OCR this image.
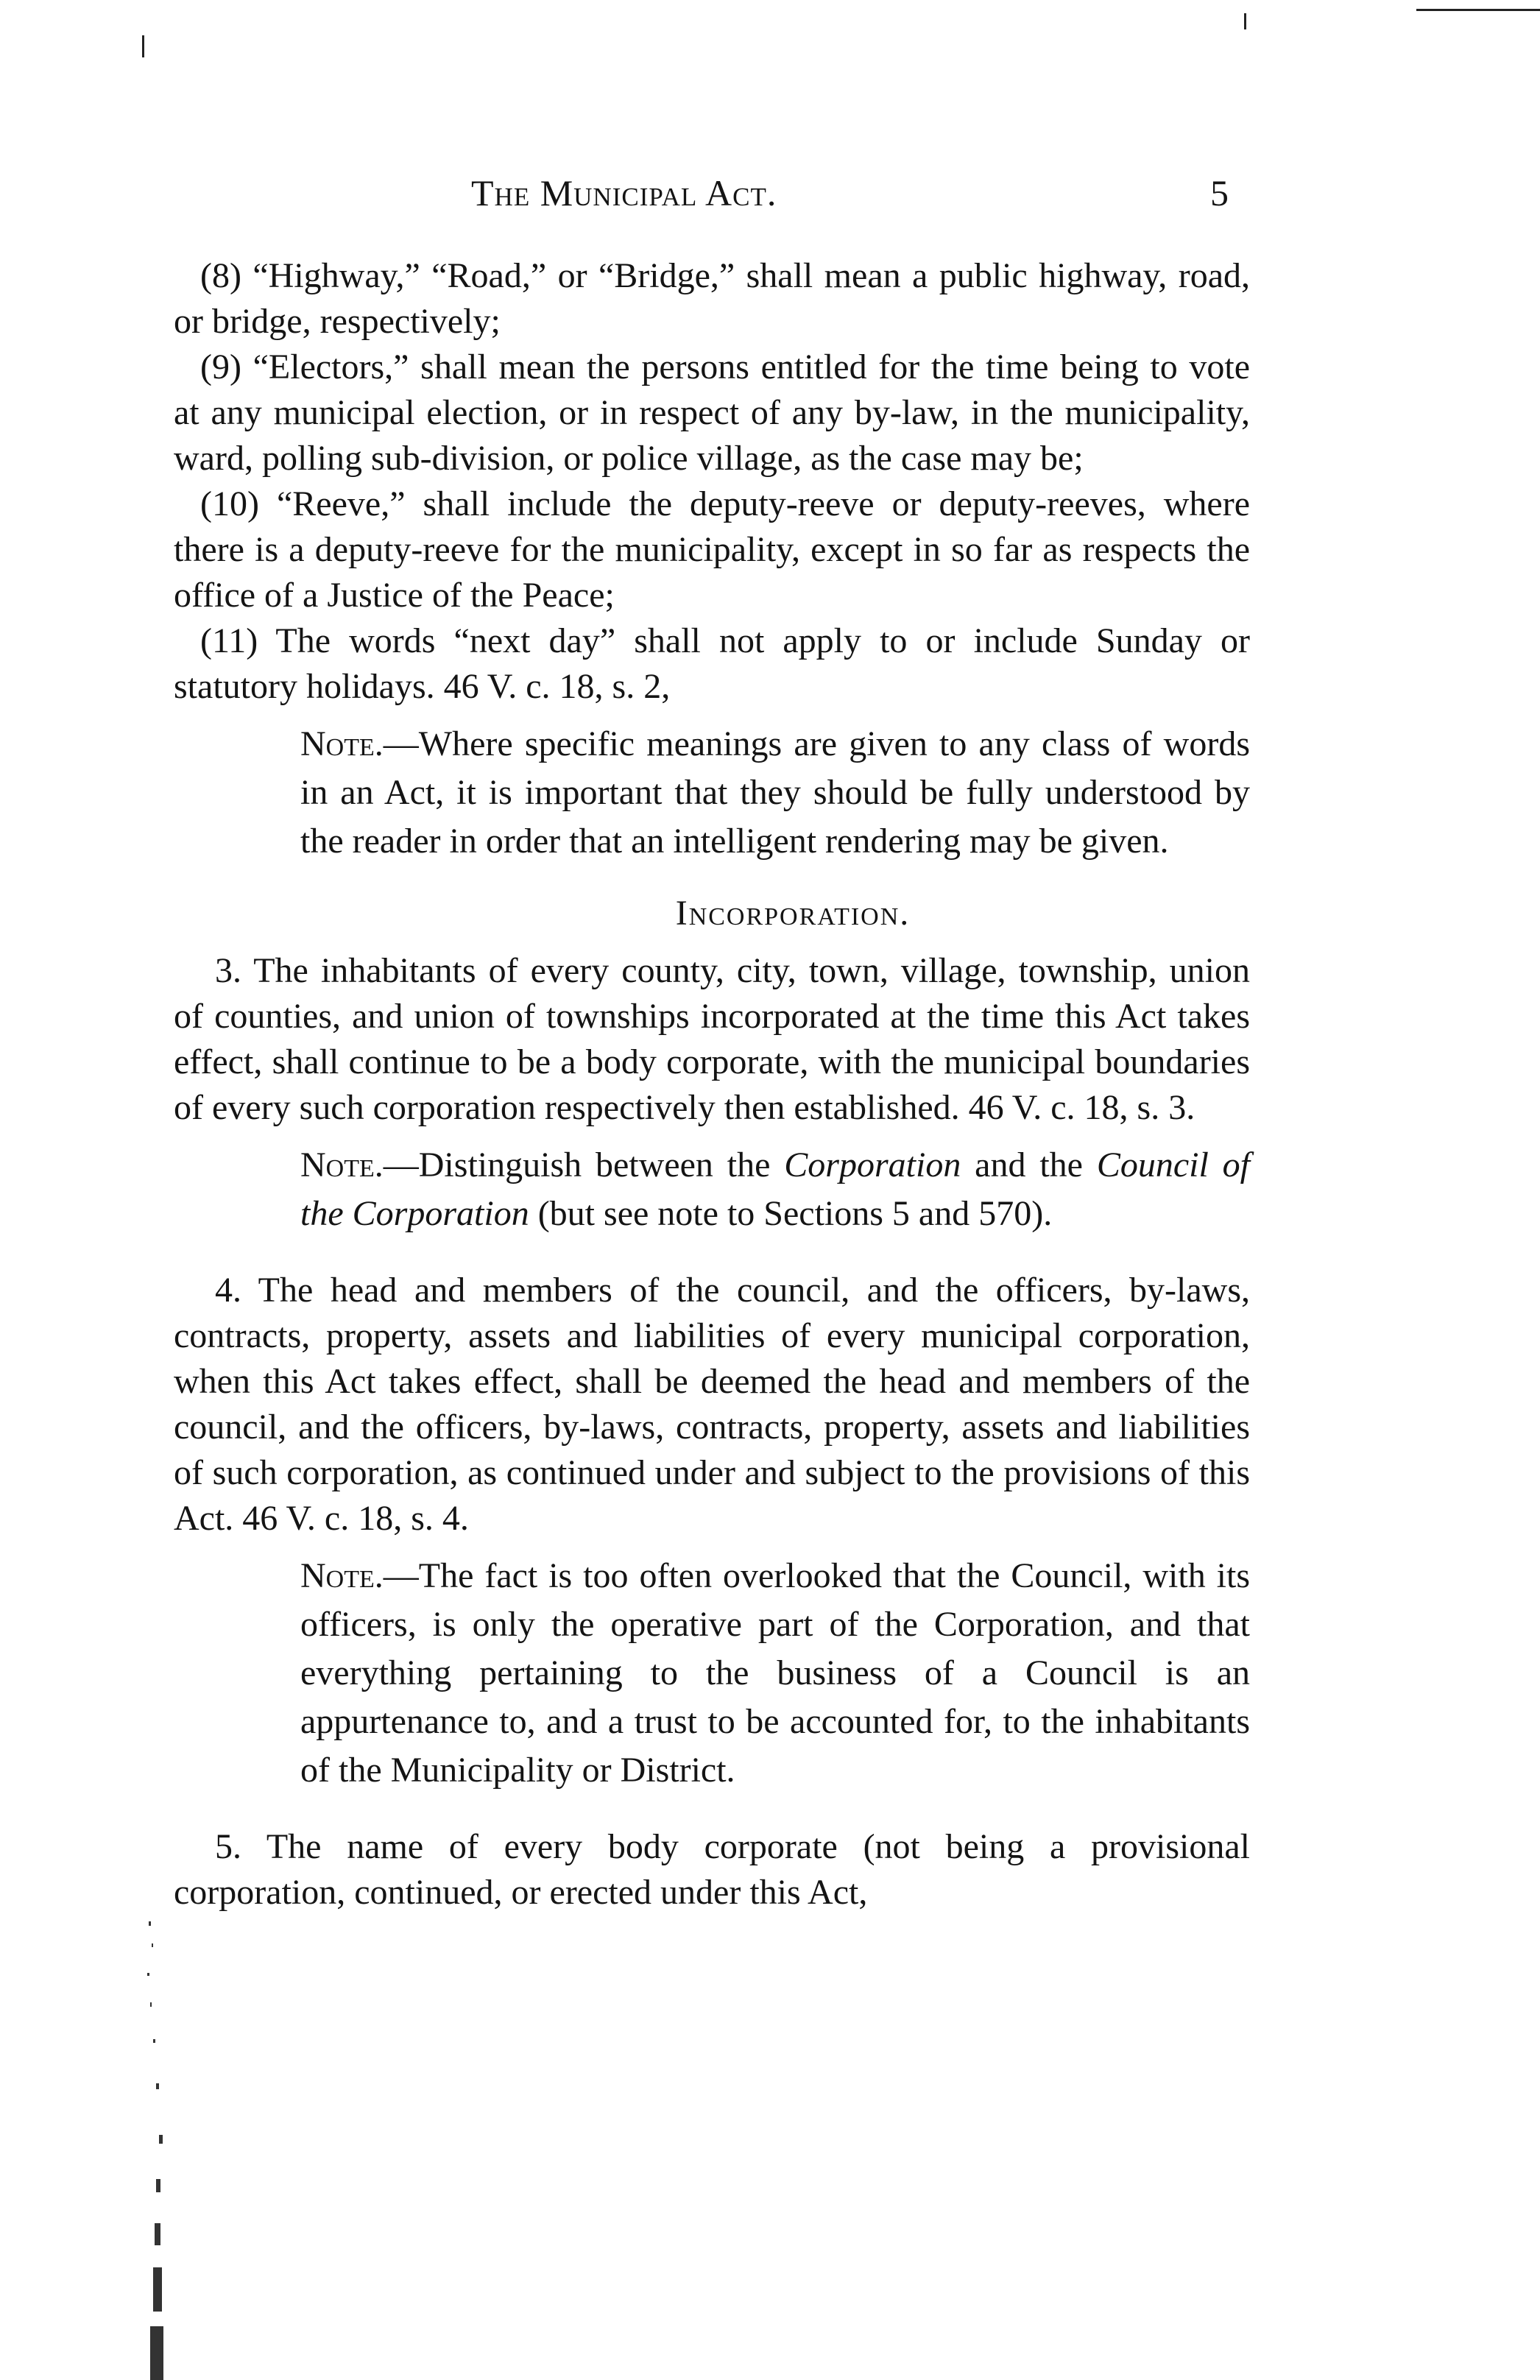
The Municipal Act.	5

(8) “Highway,” “Road,” or “Bridge,” shall mean a public highway, road, or bridge, respectively;

(9) “Electors,” shall mean the persons entitled for the time being to vote at any municipal election, or in respect of any by-law, in the municipality, ward, polling sub-division, or police village, as the case may be;

(10) “Reeve,” shall include the deputy-reeve or deputy-reeves, where there is a deputy-reeve for the municipality, except in so far as respects the office of a Justice of the Peace;

(11) The words “next day” shall not apply to or include Sunday or statutory holidays. 46 V. c. 18, s. 2,

Note.—Where specific meanings are given to any class of words in an Act, it is important that they should be fully understood by the reader in order that an intelligent rendering may be given.

Incorporation.

3. The inhabitants of every county, city, town, village, township, union of counties, and union of townships incorporated at the time this Act takes effect, shall continue to be a body corporate, with the municipal boundaries of every such corporation respectively then established. 46 V. c. 18, s. 3.

Note.—Distinguish between the Corporation and the Council of the Corporation (but see note to Sections 5 and 570).

4. The head and members of the council, and the officers, by-laws, contracts, property, assets and liabilities of every municipal corporation, when this Act takes effect, shall be deemed the head and members of the council, and the officers, by-laws, contracts, property, assets and liabilities of such corporation, as continued under and subject to the provisions of this Act. 46 V. c. 18, s. 4.

Note.—The fact is too often overlooked that the Council, with its officers, is only the operative part of the Corporation, and that everything pertaining to the business of a Council is an appurtenance to, and a trust to be accounted for, to the inhabitants of the Municipality or District.

5. The name of every body corporate (not being a provisional corporation, continued, or erected under this Act,
